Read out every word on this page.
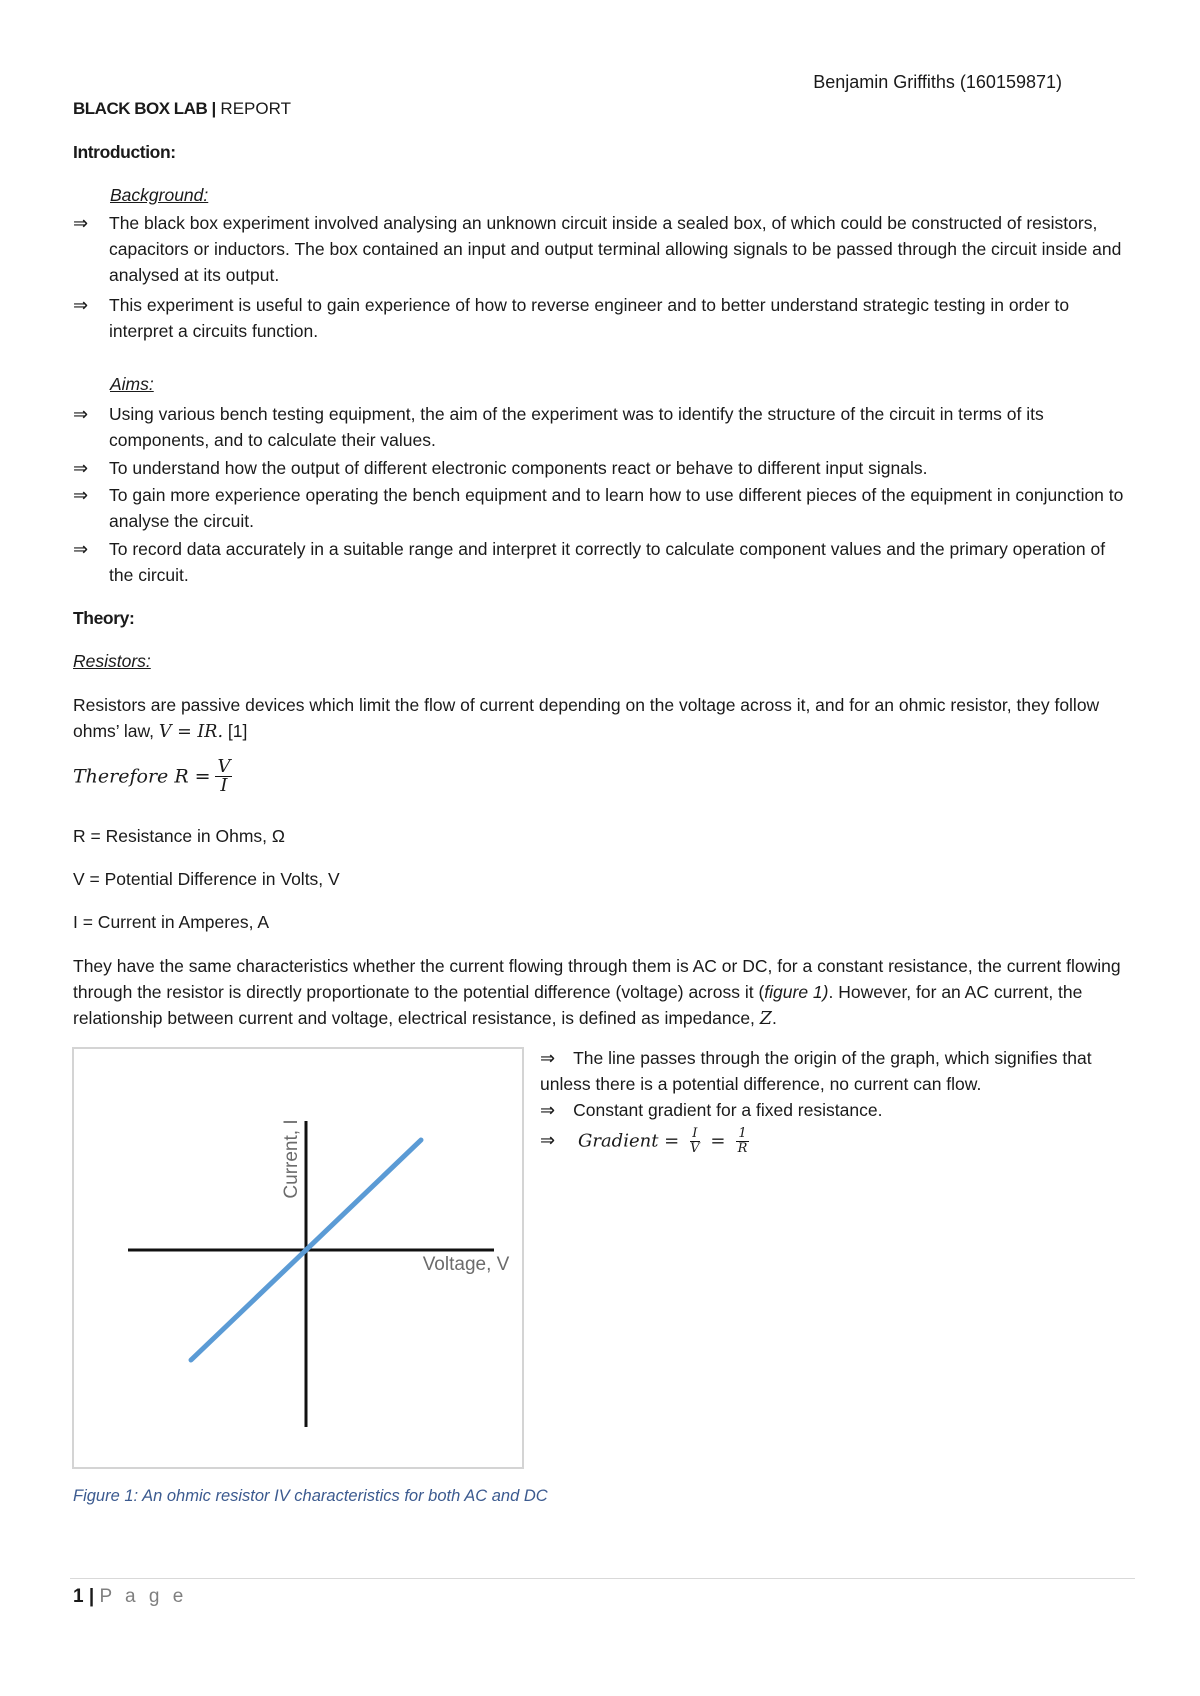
Benjamin Griffiths (160159871)
BLACK BOX LAB | REPORT
Introduction:
Background:
⇒ The black box experiment involved analysing an unknown circuit inside a sealed box, of which could be constructed of resistors, capacitors or inductors. The box contained an input and output terminal allowing signals to be passed through the circuit inside and analysed at its output.
⇒ This experiment is useful to gain experience of how to reverse engineer and to better understand strategic testing in order to interpret a circuits function.
Aims:
⇒ Using various bench testing equipment, the aim of the experiment was to identify the structure of the circuit in terms of its components, and to calculate their values.
⇒ To understand how the output of different electronic components react or behave to different input signals.
⇒ To gain more experience operating the bench equipment and to learn how to use different pieces of the equipment in conjunction to analyse the circuit.
⇒ To record data accurately in a suitable range and interpret it correctly to calculate component values and the primary operation of the circuit.
Theory:
Resistors:
Resistors are passive devices which limit the flow of current depending on the voltage across it, and for an ohmic resistor, they follow ohms’ law, V = IR. [1]
Therefore $R = \frac{V}{I}$
R = Resistance in Ohms, Ω
V = Potential Difference in Volts, V
I = Current in Amperes, A
They have the same characteristics whether the current flowing through them is AC or DC, for a constant resistance, the current flowing through the resistor is directly proportionate to the potential difference (voltage) across it (figure 1). However, for an AC current, the relationship between current and voltage, electrical resistance, is defined as impedance, Z.
Voltage, V
Current, I
⇒ The line passes through the origin of the graph, which signifies that unless there is a potential difference, no current can flow.
⇒ Constant gradient for a fixed resistance.
⇒ Gradient = $\frac{I}{V} = \frac{1}{R}$
Figure 1: An ohmic resistor IV characteristics for both AC and DC
1 | P a g e
